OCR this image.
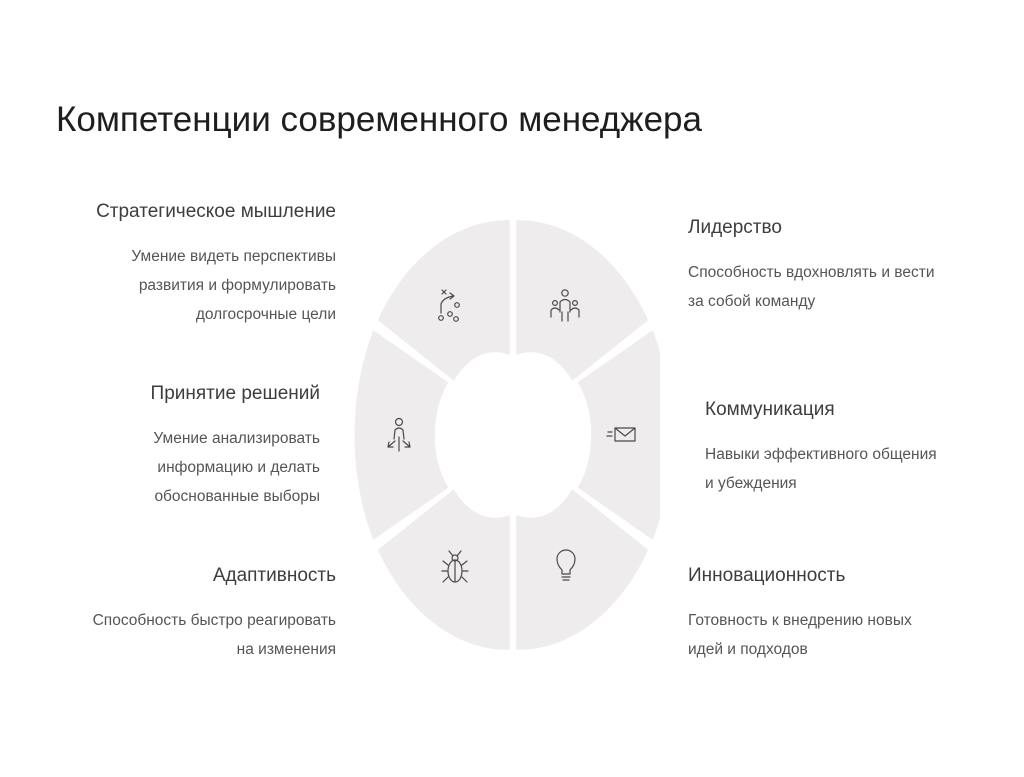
Компетенции современного менеджера
Стратегическое мышление
Умение видеть перспективы
развития и формулировать
долгосрочные цели
Принятие решений
Умение анализировать
информацию и делать
обоснованные выборы
Адаптивность
Способность быстро реагировать
на изменения
Лидерство
Способность вдохновлять и вести
за собой команду
Коммуникация
Навыки эффективного общения
и убеждения
Инновационность
Готовность к внедрению новых
идей и подходов
